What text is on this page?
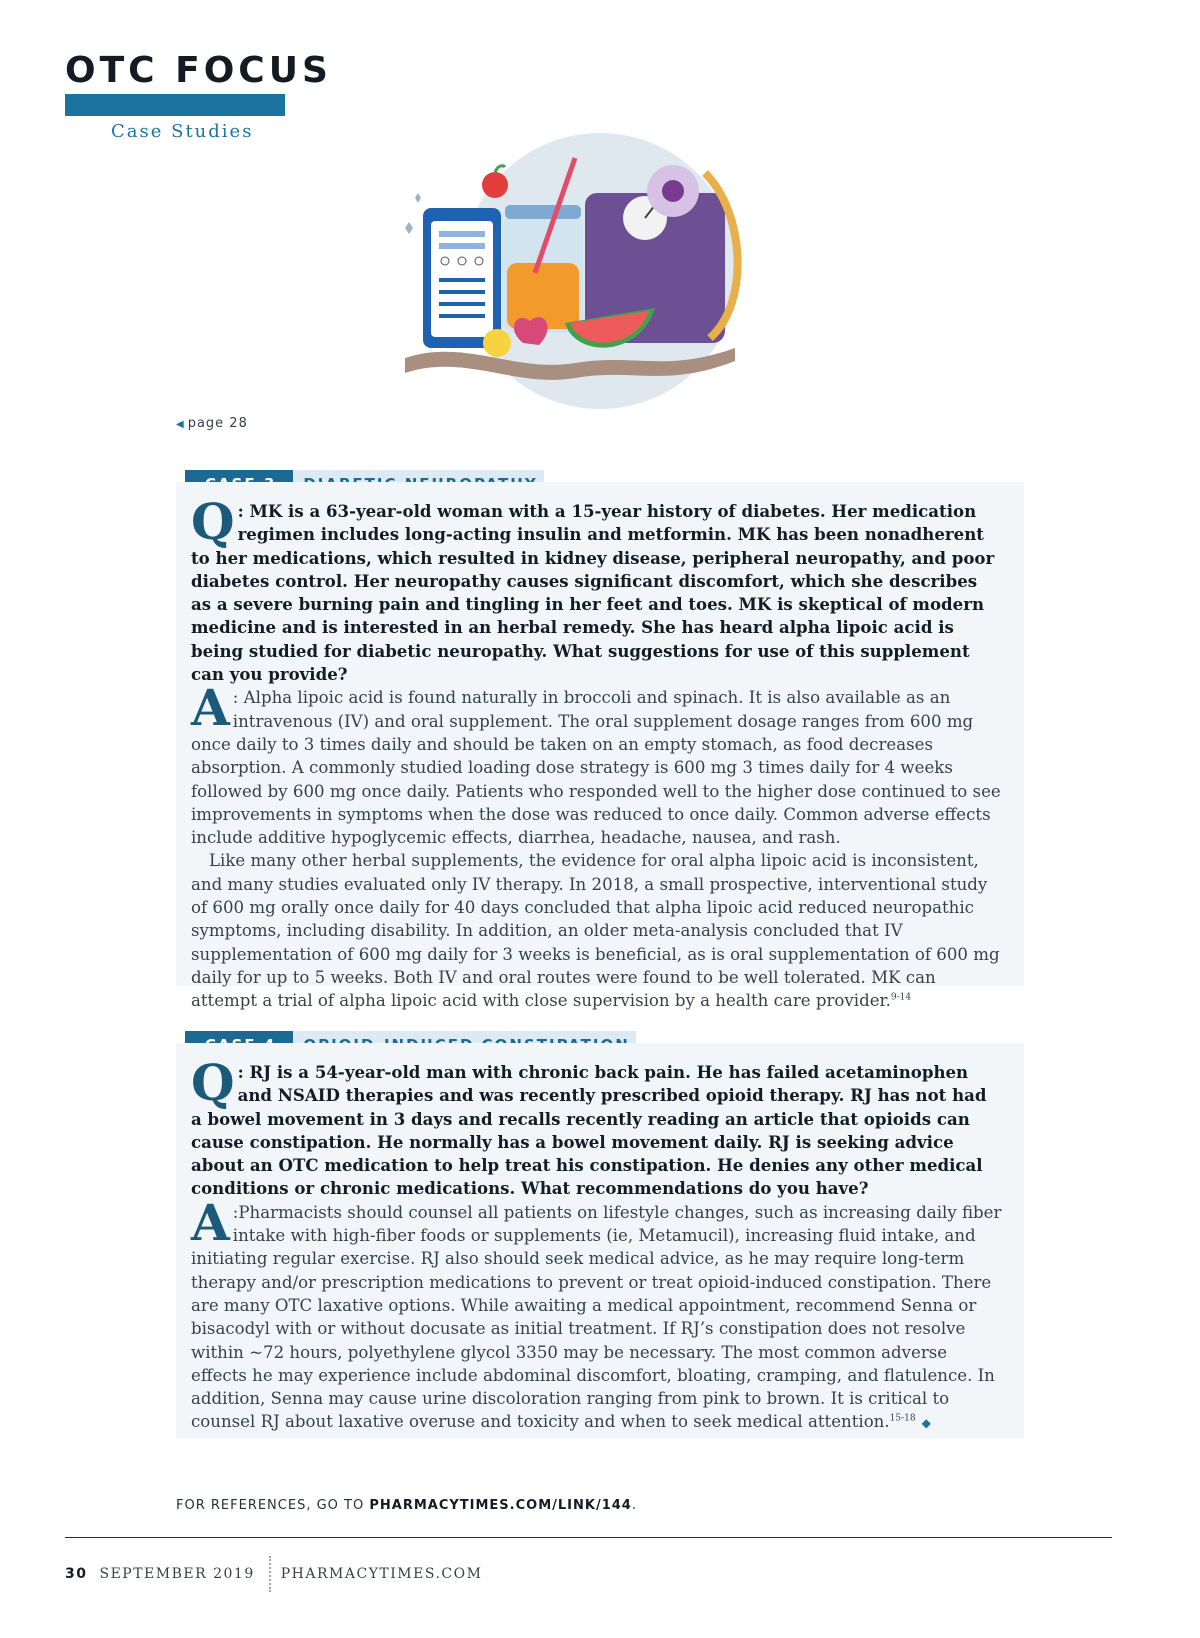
OTC FOCUS
Case Studies
◀ page 28

Q : MK is a 63-year-old woman with a 15-year history of diabetes. Her medication regimen includes long-acting insulin and metformin. MK has been nonadherent to her medications, which resulted in kidney disease, peripheral neuropathy, and poor diabetes control. Her neuropathy causes significant discomfort, which she describes as a severe burning pain and tingling in her feet and toes. MK is skeptical of modern medicine and is interested in an herbal remedy. She has heard alpha lipoic acid is being studied for diabetic neuropathy. What suggestions for use of this supplement can you provide?

A : Alpha lipoic acid is found naturally in broccoli and spinach. It is also available as an intravenous (IV) and oral supplement. The oral supplement dosage ranges from 600 mg once daily to 3 times daily and should be taken on an empty stomach, as food decreases absorption. A commonly studied loading dose strategy is 600 mg 3 times daily for 4 weeks followed by 600 mg once daily. Patients who responded well to the higher dose continued to see improvements in symptoms when the dose was reduced to once daily. Common adverse effects include additive hypoglycemic effects, diarrhea, headache, nausea, and rash.

Like many other herbal supplements, the evidence for oral alpha lipoic acid is inconsistent, and many studies evaluated only IV therapy. In 2018, a small prospective, interventional study of 600 mg orally once daily for 40 days concluded that alpha lipoic acid reduced neuropathic symptoms, including disability. In addition, an older meta-analysis concluded that IV supplementation of 600 mg daily for 3 weeks is beneficial, as is oral supplementation of 600 mg daily for up to 5 weeks. Both IV and oral routes were found to be well tolerated. MK can attempt a trial of alpha lipoic acid with close supervision by a health care provider.$^{9-14}$

Q : RJ is a 54-year-old man with chronic back pain. He has failed acetaminophen and NSAID therapies and was recently prescribed opioid therapy. RJ has not had a bowel movement in 3 days and recalls recently reading an article that opioids can cause constipation. He normally has a bowel movement daily. RJ is seeking advice about an OTC medication to help treat his constipation. He denies any other medical conditions or chronic medications. What recommendations do you have?

A :Pharmacists should counsel all patients on lifestyle changes, such as increasing daily fiber intake with high-fiber foods or supplements (ie, Metamucil), increasing fluid intake, and initiating regular exercise. RJ also should seek medical advice, as he may require long-term therapy and/or prescription medications to prevent or treat opioid-induced constipation. There are many OTC laxative options. While awaiting a medical appointment, recommend Senna or bisacodyl with or without docusate as initial treatment. If RJ’s constipation does not resolve within ~72 hours, polyethylene glycol 3350 may be necessary. The most common adverse effects he may experience include abdominal discomfort, bloating, cramping, and flatulence. In addition, Senna may cause urine discoloration ranging from pink to brown. It is critical to counsel RJ about laxative overuse and toxicity and when to seek medical attention.$^{15-18}$ ◆

FOR REFERENCES, GO TO PHARMACYTIMES.COM/LINK/144.
30 SEPTEMBER 2019 PHARMACYTIMES.COM
